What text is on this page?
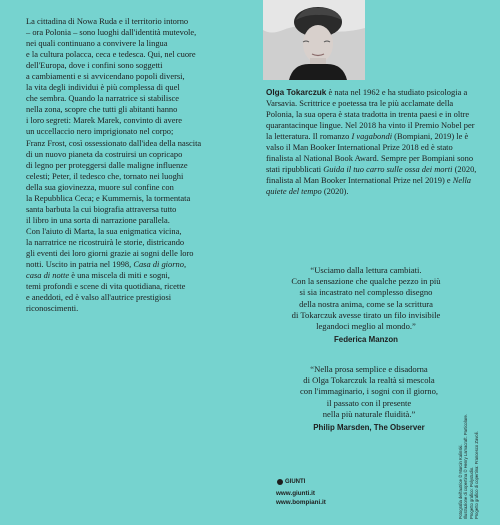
La cittadina di Nowa Ruda e il territorio intorno

– ora Polonia – sono luoghi dall'identità mutevole,

nei quali continuano a convivere la lingua

e la cultura polacca, ceca e tedesca. Qui, nel cuore

dell'Europa, dove i confini sono soggetti

a cambiamenti e si avvicendano popoli diversi,

la vita degli individui è più complessa di quel

che sembra. Quando la narratrice si stabilisce

nella zona, scopre che tutti gli abitanti hanno

i loro segreti: Marek Marek, convinto di avere

un uccellaccio nero imprigionato nel corpo;

Franz Frost, così ossessionato dall'idea della nascita

di un nuovo pianeta da costruirsi un copricapo

di legno per proteggersi dalle maligne influenze

celesti; Peter, il tedesco che, tornato nei luoghi

della sua giovinezza, muore sul confine con

la Repubblica Ceca; e Kummernis, la tormentata

santa barbuta la cui biografia attraversa tutto

il libro in una sorta di narrazione parallela.

Con l'aiuto di Marta, la sua enigmatica vicina,

la narratrice ne ricostruirà le storie, districando

gli eventi dei loro giorni grazie ai sogni delle loro

notti. Uscito in patria nel 1998, Casa di giorno,

casa di notte è una miscela di miti e sogni,

temi profondi e scene di vita quotidiana, ricette

e aneddoti, ed è valso all'autrice prestigiosi

riconoscimenti.

Olga Tokarczuk è nata nel 1962 e ha studiato psicologia a Varsavia. Scrittrice e poetessa tra le più acclamate della Polonia, la sua opera è stata tradotta in trenta paesi e in oltre quarantacinque lingue. Nel 2018 ha vinto il Premio Nobel per la letteratura. Il romanzo I vagabondi (Bompiani, 2019) le è valso il Man Booker International Prize 2018 ed è stato finalista al National Book Award. Sempre per Bompiani sono stati ripubblicati Guida il tuo carro sulle ossa dei morti (2020, finalista al Man Booker International Prize nel 2019) e Nella quiete del tempo (2020).

“Usciamo dalla lettura cambiati.
Con la sensazione che qualche pezzo in più
si sia incastrato nel complesso disegno
della nostra anima, come se la scrittura
di Tokarczuk avesse tirato un filo invisibile
legandoci meglio al mondo.”
Federica Manzon
“Nella prosa semplice e disadorna
di Olga Tokarczuk la realtà si mescola
con l'immaginario, i sogni con il giorno,
il passato con il presente
nella più naturale fluidità.”
Philip Marsden, The Observer
GIUNTI

www.giunti.it
www.bompiani.it	Fotografia dell'autrice © Marcin Kalinski. Illustrazione di copertina © Henry Lamacraft. Particolare. Progetto grafico: Polystudio. Progetto grafico di copertina: Francesco Zavoli.
